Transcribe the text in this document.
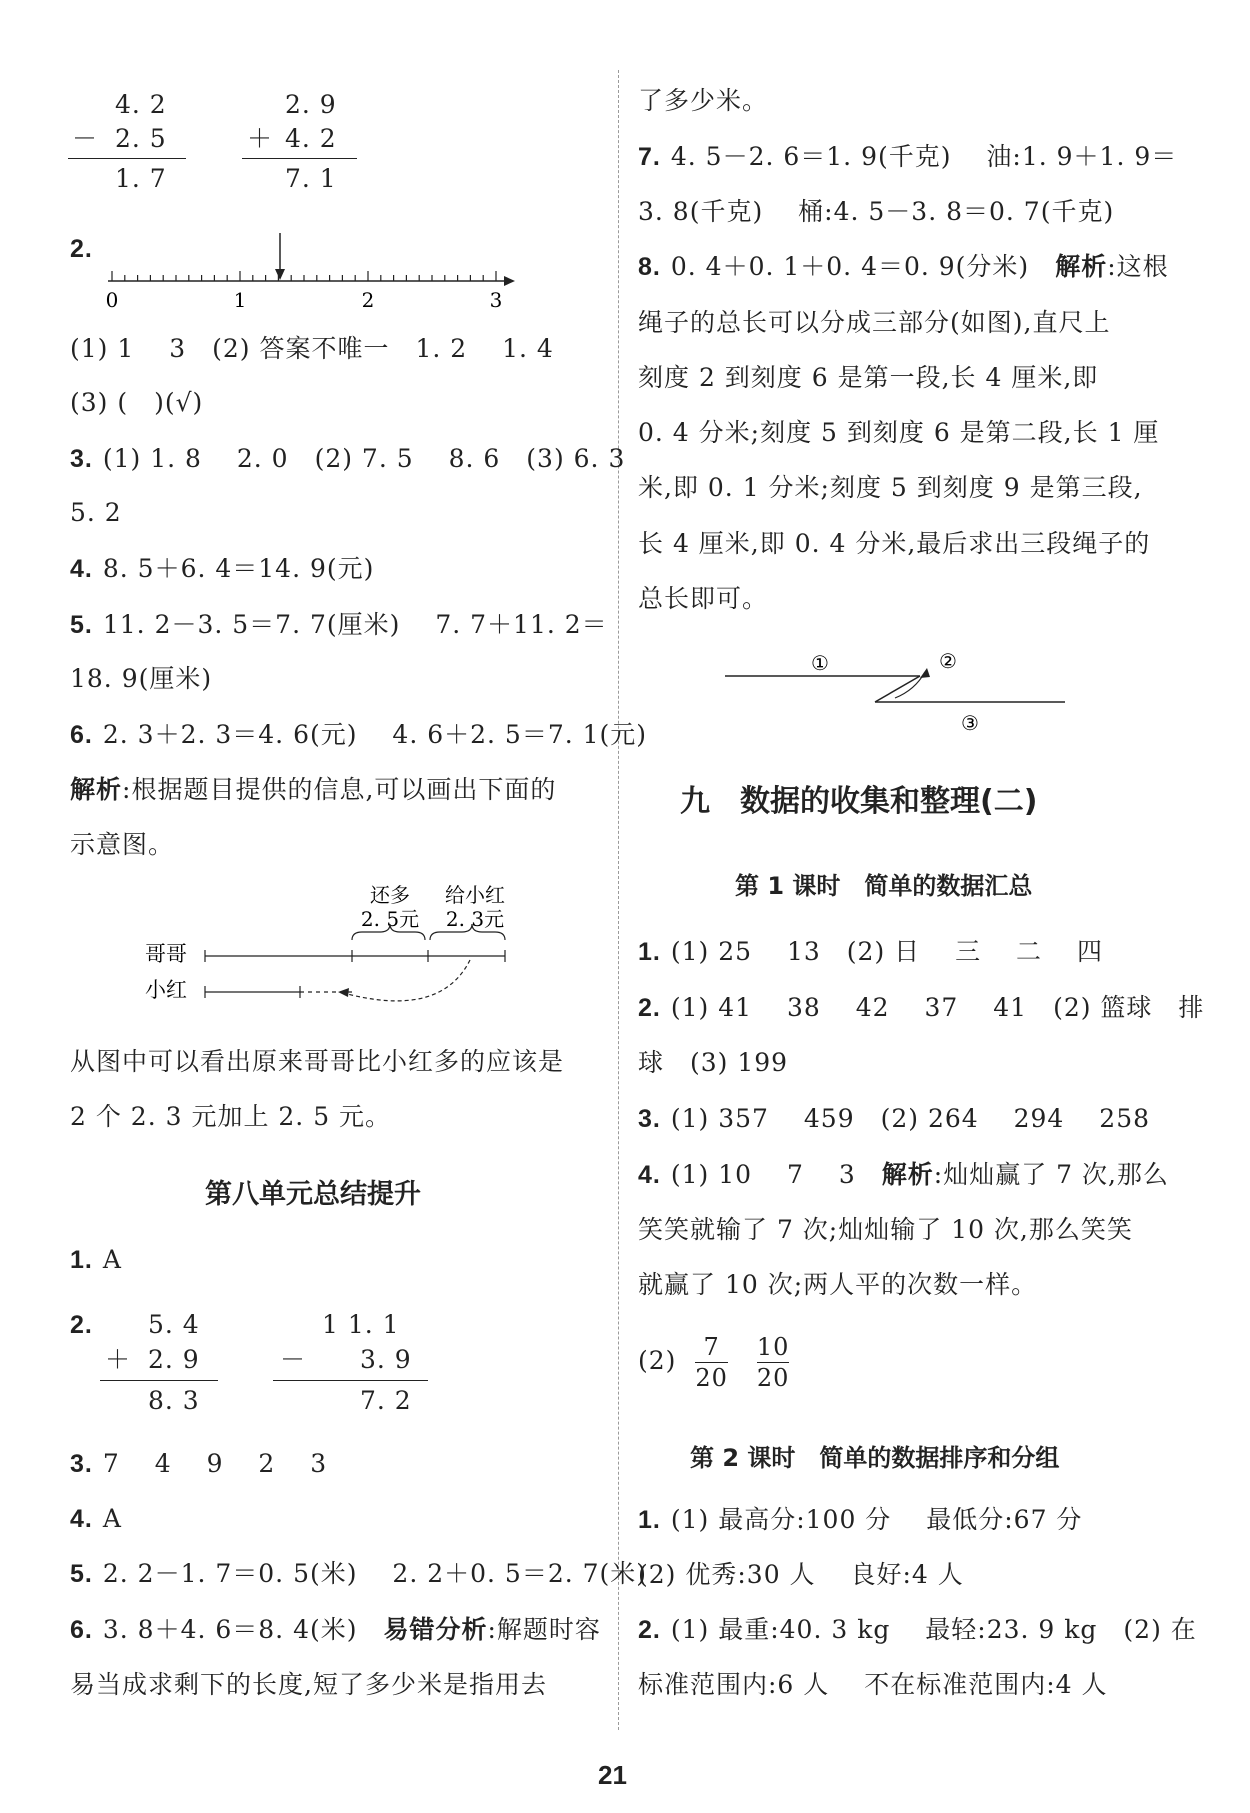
4. 2
－ 2. 5
1. 7
2. 9
＋ 4. 2
7. 1
2.
0	1	2	3
(1) 1　 3　(2) 答案不唯一　1. 2　 1. 4
(3) (　)(√)
3. (1) 1. 8　 2. 0　(2) 7. 5　 8. 6　(3) 6. 3
5. 2
4. 8. 5＋6. 4＝14. 9(元)
5. 11. 2－3. 5＝7. 7(厘米)　 7. 7＋11. 2＝
18. 9(厘米)
6. 2. 3＋2. 3＝4. 6(元)　 4. 6＋2. 5＝7. 1(元)
解析:根据题目提供的信息,可以画出下面的
示意图。
还多
2. 5元
给小红
2. 3元
哥哥
小红
从图中可以看出原来哥哥比小红多的应该是
2 个 2. 3 元加上 2. 5 元。
第八单元总结提升
1. A
2.	5. 4
＋ 2. 9
8. 3
1 1. 1
－ 3. 9
7. 2
3. 7　 4　 9　 2　 3
4. A
5. 2. 2－1. 7＝0. 5(米)　 2. 2＋0. 5＝2. 7(米)
6. 3. 8＋4. 6＝8. 4(米)　易错分析:解题时容
易当成求剩下的长度,短了多少米是指用去
了多少米。
7. 4. 5－2. 6＝1. 9(千克)　 油:1. 9＋1. 9＝
3. 8(千克)　 桶:4. 5－3. 8＝0. 7(千克)
8. 0. 4＋0. 1＋0. 4＝0. 9(分米)　解析:这根
绳子的总长可以分成三部分(如图),直尺上
刻度 2 到刻度 6 是第一段,长 4 厘米,即
0. 4 分米;刻度 5 到刻度 6 是第二段,长 1 厘
米,即 0. 1 分米;刻度 5 到刻度 9 是第三段,
长 4 厘米,即 0. 4 分米,最后求出三段绳子的
总长即可。
①	②
③
九　数据的收集和整理(二)
第 1 课时　简单的数据汇总
1. (1) 25　 13　(2) 日　 三　 二　 四
2. (1) 41　 38　 42　 37　 41　(2) 篮球　排
球　(3) 199
3. (1) 357　 459　(2) 264　 294　 258
4. (1) 10　 7　 3　解析:灿灿赢了 7 次,那么
笑笑就输了 7 次;灿灿输了 10 次,那么笑笑
就赢了 10 次;两人平的次数一样。
$(2) \frac{7}{20}$
$\frac{10}{20}$
第 2 课时　简单的数据排序和分组
1. (1) 最高分:100 分　 最低分:67 分
(2) 优秀:30 人　 良好:4 人
2. (1) 最重:40. 3 kg　 最轻:23. 9 kg　(2) 在
标准范围内:6 人　 不在标准范围内:4 人
21
